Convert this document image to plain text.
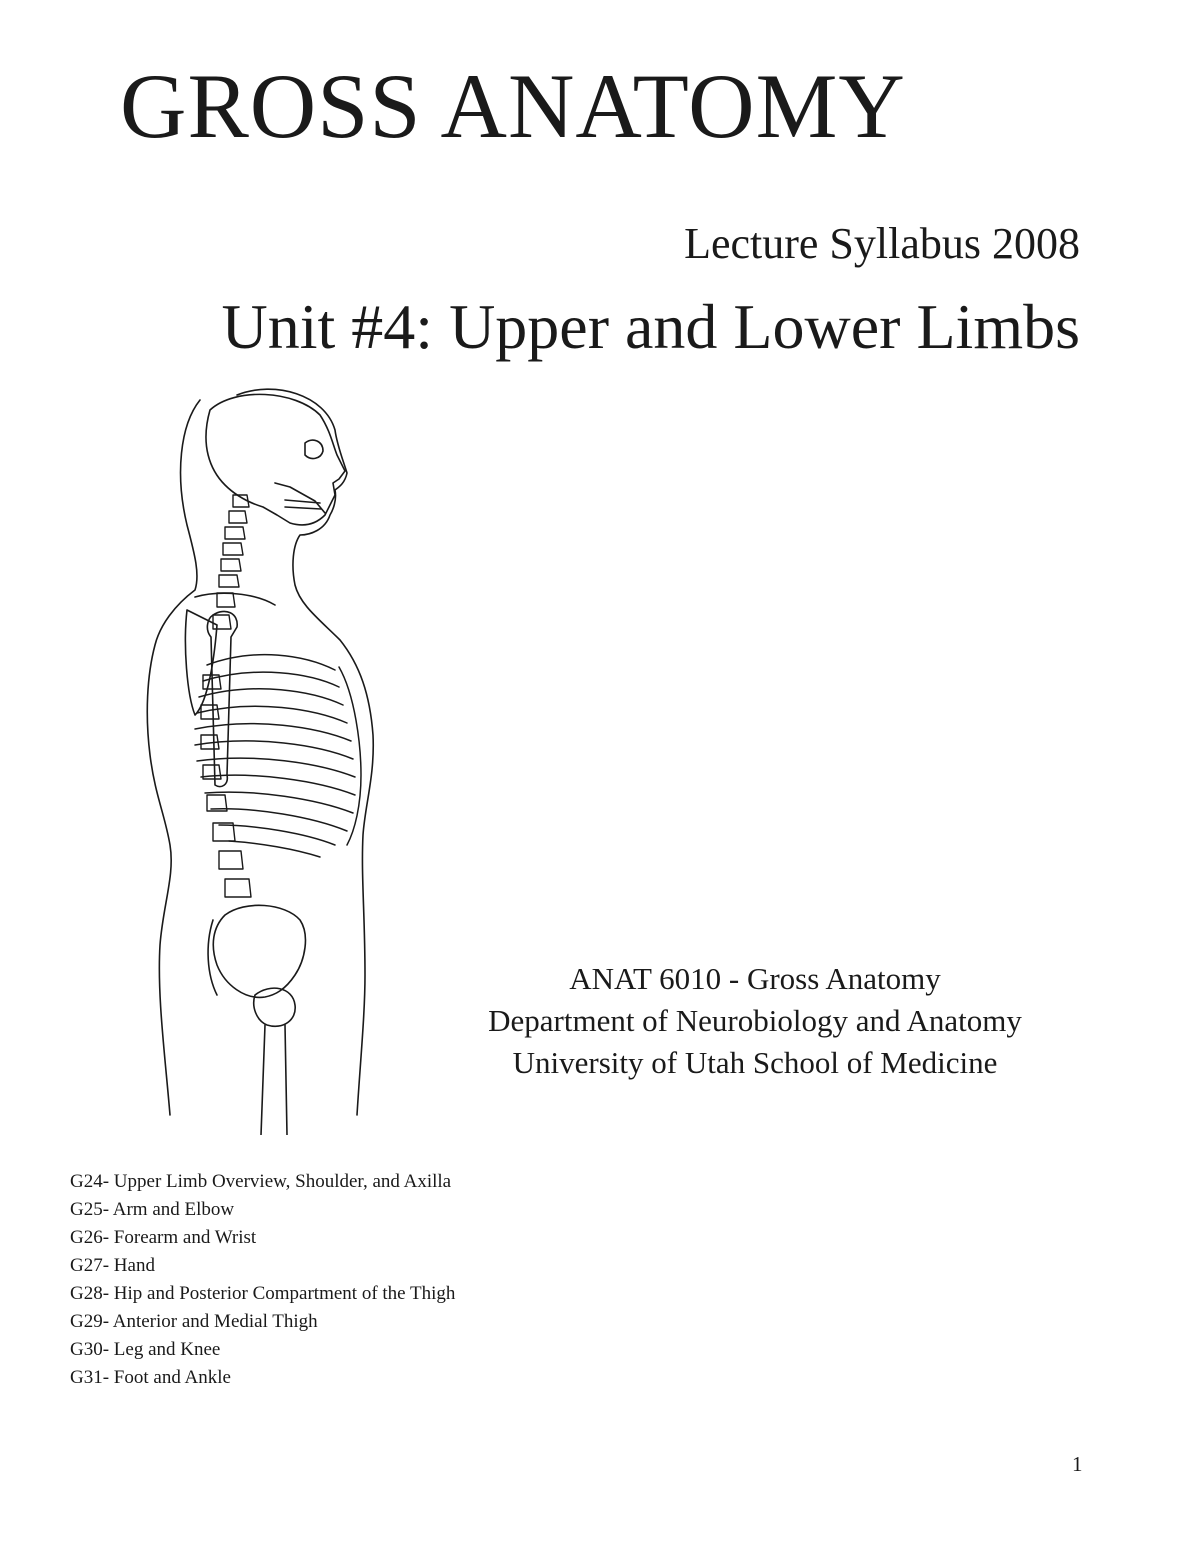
GROSS ANATOMY
Lecture Syllabus 2008
Unit #4: Upper and Lower Limbs
ANAT 6010 - Gross Anatomy
Department of Neurobiology and Anatomy
University of Utah School of Medicine
G24- Upper Limb Overview, Shoulder, and Axilla
G25- Arm and Elbow
G26- Forearm and Wrist
G27- Hand
G28- Hip and Posterior Compartment of the Thigh
G29- Anterior and Medial Thigh
G30- Leg and Knee
G31- Foot and Ankle
1
